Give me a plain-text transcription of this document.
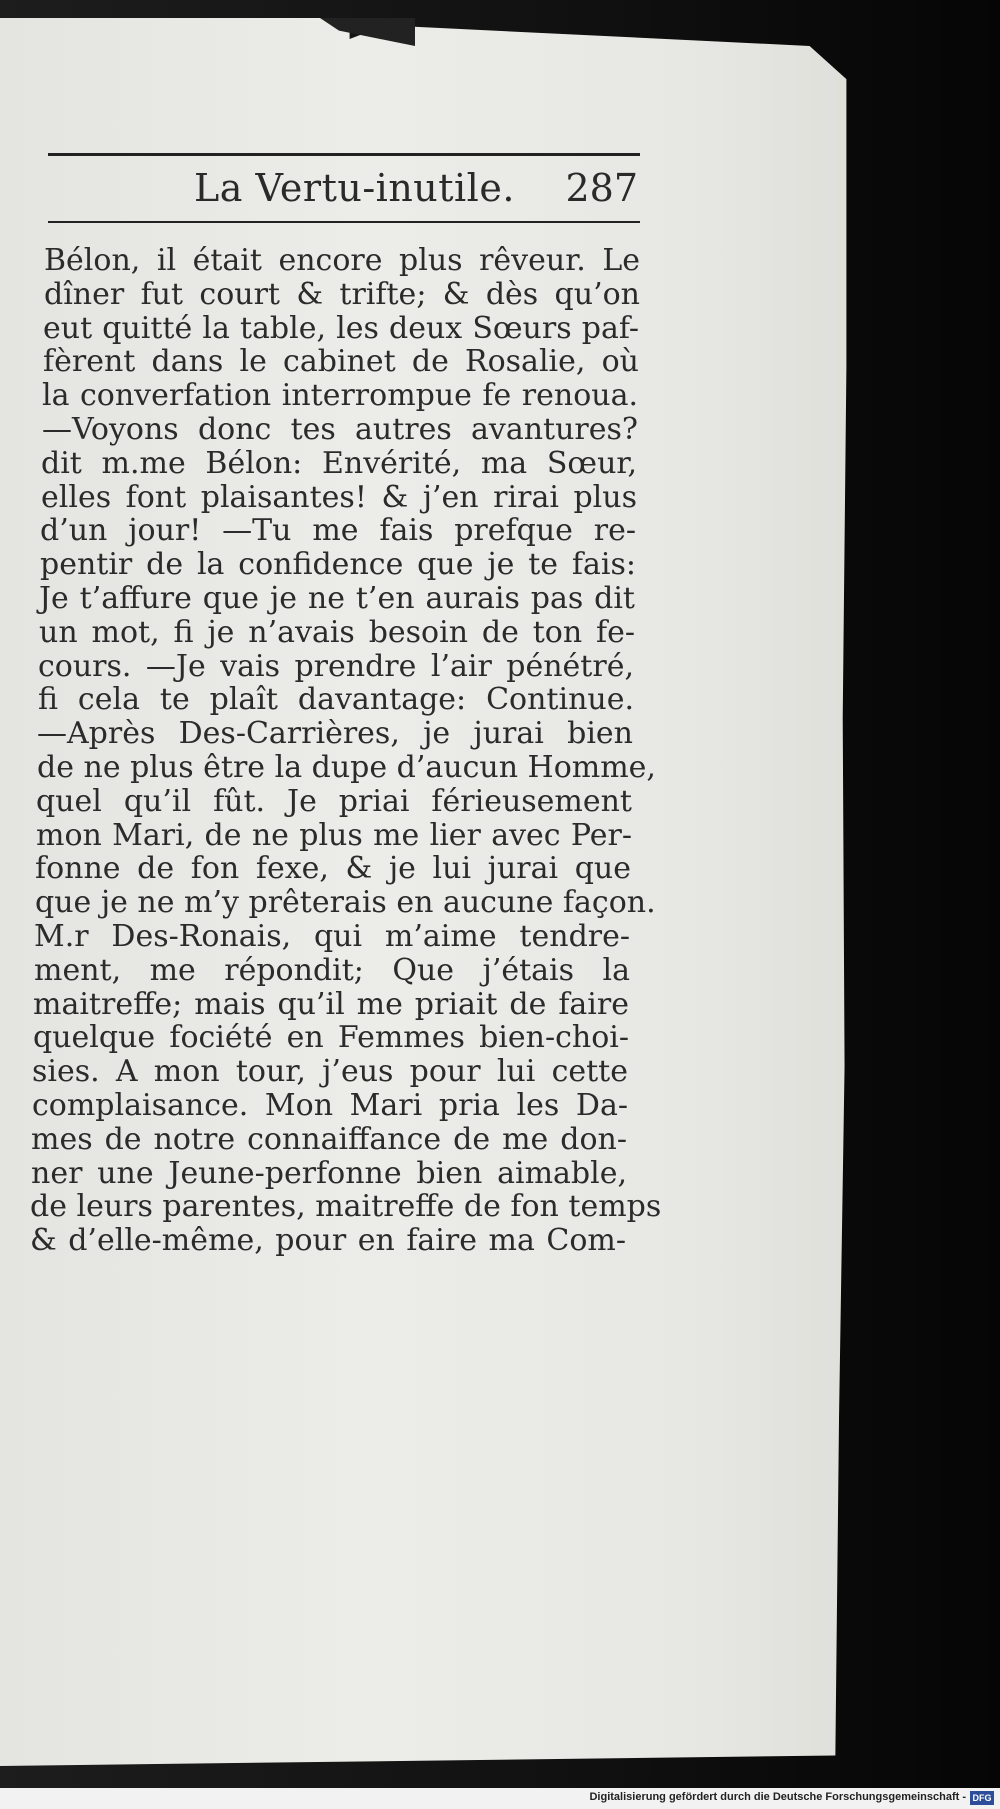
La Vertu-inutile. 287
Bélon, il était encore plus rêveur. Le
dîner fut court & trifte; & dès qu’on
eut quitté la table, les deux Sœurs paf-
fèrent dans le cabinet de Rosalie, où
la converfation interrompue fe renoua.
—Voyons donc tes autres avantures?
dit m.me Bélon: Envérité, ma Sœur,
elles font plaisantes! & j’en rirai plus
d’un jour! —Tu me fais prefque re-
pentir de la confidence que je te fais:
Je t’affure que je ne t’en aurais pas dit
un mot, fi je n’avais besoin de ton fe-
cours. —Je vais prendre l’air pénétré,
fi cela te plaît davantage: Continue.
—Après Des-Carrières, je jurai bien
de ne plus être la dupe d’aucun Homme,
quel qu’il fût. Je priai férieusement
mon Mari, de ne plus me lier avec Per-
fonne de fon fexe, & je lui jurai que
que je ne m’y prêterais en aucune façon.
M.r Des-Ronais, qui m’aime tendre-
ment, me répondit; Que j’étais la
maitreffe; mais qu’il me priait de faire
quelque fociété en Femmes bien-choi-
sies. A mon tour, j’eus pour lui cette
complaisance. Mon Mari pria les Da-
mes de notre connaiffance de me don-
ner une Jeune-perfonne bien aimable,
de leurs parentes, maitreffe de fon temps
& d’elle-même, pour en faire ma Com-
Digitalisierung gefördert durch die Deutsche Forschungsgemeinschaft - DFG
